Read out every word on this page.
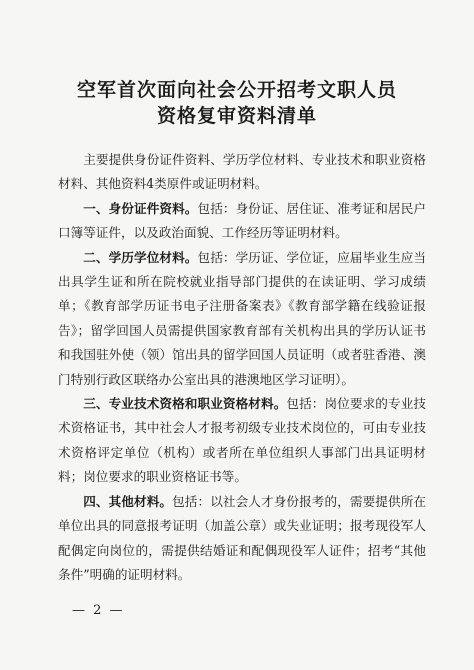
空军首次面向社会公开招考文职人员
资格复审资料清单

主要提供身份证件资料、学历学位材料、专业技术和职业资格材料、其他资料4类原件或证明材料。

一、身份证件资料。包括：身份证、居住证、准考证和居民户口簿等证件，以及政治面貌、工作经历等证明材料。

二、学历学位材料。包括：学历证、学位证，应届毕业生应当出具学生证和所在院校就业指导部门提供的在读证明、学习成绩单；《教育部学历证书电子注册备案表》《教育部学籍在线验证报告》；留学回国人员需提供国家教育部有关机构出具的学历认证书和我国驻外使（领）馆出具的留学回国人员证明（或者驻香港、澳门特别行政区联络办公室出具的港澳地区学习证明）。

三、专业技术资格和职业资格材料。包括：岗位要求的专业技术资格证书，其中社会人才报考初级专业技术岗位的，可由专业技术资格评定单位（机构）或者所在单位组织人事部门出具证明材料；岗位要求的职业资格证书等。

四、其他材料。包括：以社会人才身份报考的，需要提供所在单位出具的同意报考证明（加盖公章）或失业证明；报考现役军人配偶定向岗位的，需提供结婚证和配偶现役军人证件；招考“其他条件”明确的证明材料。

— 2 —
